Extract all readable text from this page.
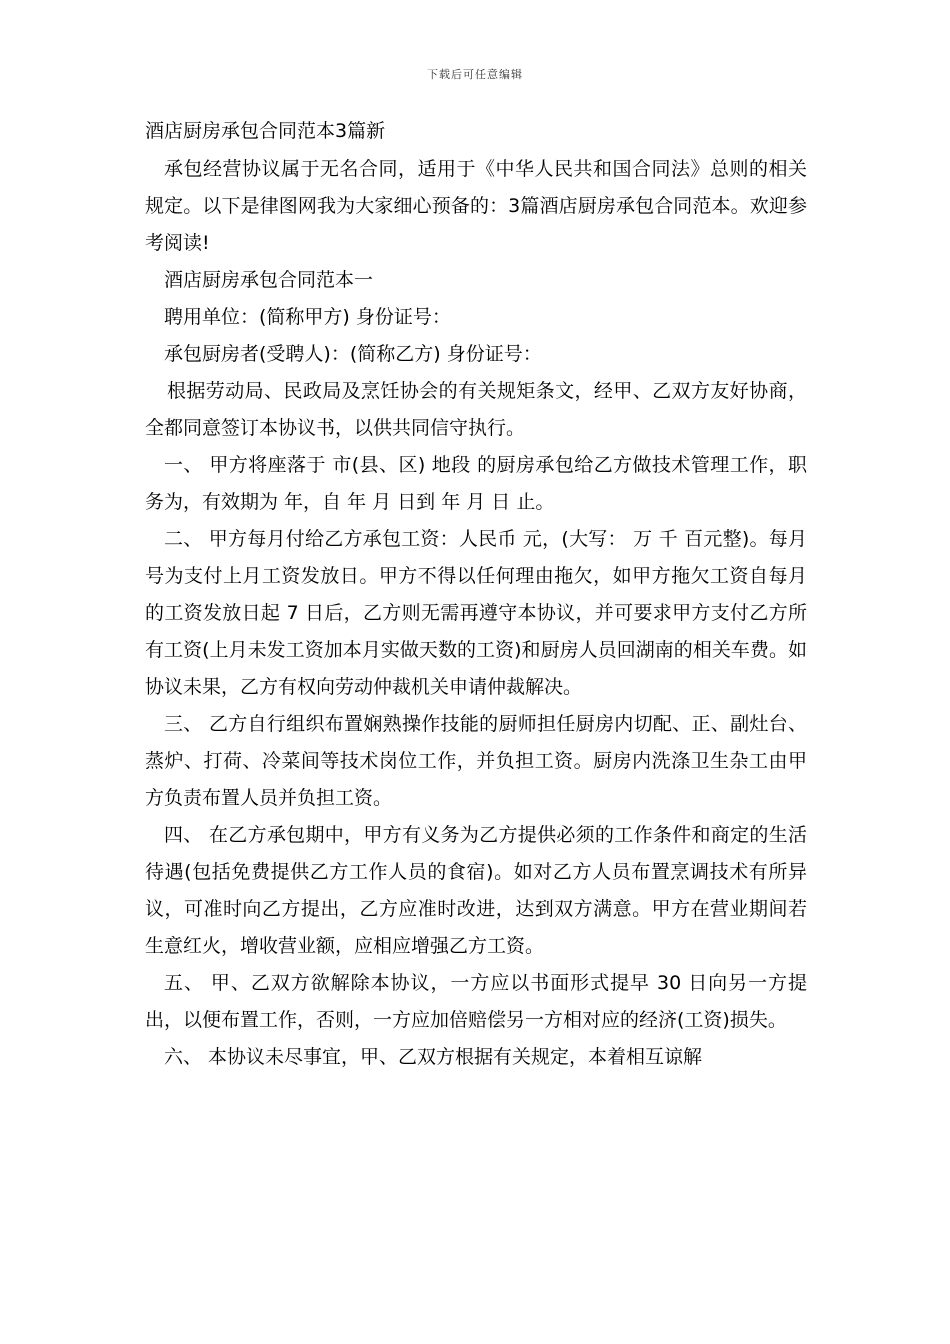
下载后可任意编辑
酒店厨房承包合同范本3篇新

承包经营协议属于无名合同，适用于《中华人民共和国合同法》总则的相关规定。以下是律图网我为大家细心预备的：3篇酒店厨房承包合同范本。欢迎参考阅读!

酒店厨房承包合同范本一

聘用单位：(简称甲方) 身份证号：

承包厨房者(受聘人)：(简称乙方) 身份证号：

根据劳动局、民政局及烹饪协会的有关规矩条文，经甲、乙双方友好协商，全都同意签订本协议书，以供共同信守执行。

一、 甲方将座落于 市(县、区) 地段 的厨房承包给乙方做技术管理工作，职务为，有效期为 年，自 年 月 日到 年 月 日 止。

二、 甲方每月付给乙方承包工资：人民币 元，(大写： 万 千 百元整)。每月 号为支付上月工资发放日。甲方不得以任何理由拖欠，如甲方拖欠工资自每月的工资发放日起 7 日后，乙方则无需再遵守本协议，并可要求甲方支付乙方所有工资(上月未发工资加本月实做天数的工资)和厨房人员回湖南的相关车费。如协议未果，乙方有权向劳动仲裁机关申请仲裁解决。

三、 乙方自行组织布置娴熟操作技能的厨师担任厨房内切配、正、副灶台、蒸炉、打荷、冷菜间等技术岗位工作，并负担工资。厨房内洗涤卫生杂工由甲方负责布置人员并负担工资。

四、 在乙方承包期中，甲方有义务为乙方提供必须的工作条件和商定的生活待遇(包括免费提供乙方工作人员的食宿)。如对乙方人员布置烹调技术有所异议，可准时向乙方提出，乙方应准时改进，达到双方满意。甲方在营业期间若生意红火，增收营业额，应相应增强乙方工资。

五、 甲、乙双方欲解除本协议，一方应以书面形式提早 30 日向另一方提出，以便布置工作，否则，一方应加倍赔偿另一方相对应的经济(工资)损失。

六、 本协议未尽事宜，甲、乙双方根据有关规定，本着相互谅解
